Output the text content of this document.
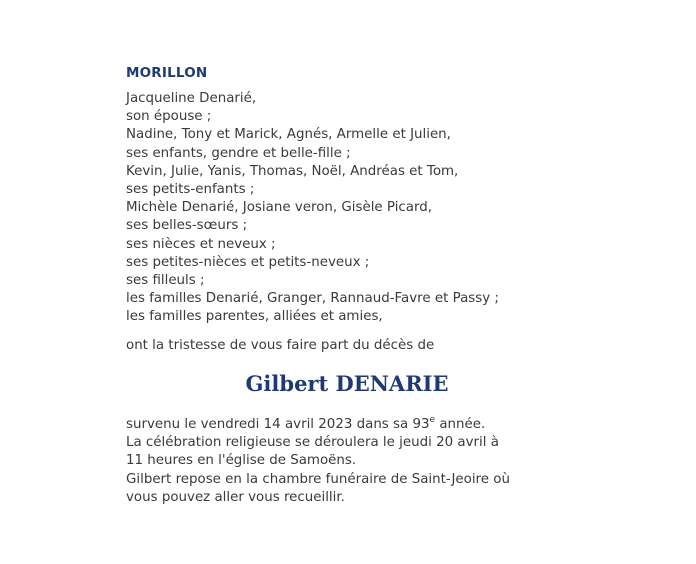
MORILLON
Jacqueline Denarié,
son épouse ;
Nadine, Tony et Marick, Agnés, Armelle et Julien,
ses enfants, gendre et belle-fille ;
Kevin, Julie, Yanis, Thomas, Noël, Andréas et Tom,
ses petits-enfants ;
Michèle Denarié, Josiane veron, Gisèle Picard,
ses belles-sœurs ;
ses nièces et neveux ;
ses petites-nièces et petits-neveux ;
ses filleuls ;
les familles Denarié, Granger, Rannaud-Favre et Passy ;
les familles parentes, alliées et amies,
ont la tristesse de vous faire part du décès de
Gilbert DENARIE

survenu le vendredi 14 avril 2023 dans sa 93e année.

La célébration religieuse se déroulera le jeudi 20 avril à

11 heures en l'église de Samoëns.

Gilbert repose en la chambre funéraire de Saint-Jeoire où

vous pouvez aller vous recueillir.
